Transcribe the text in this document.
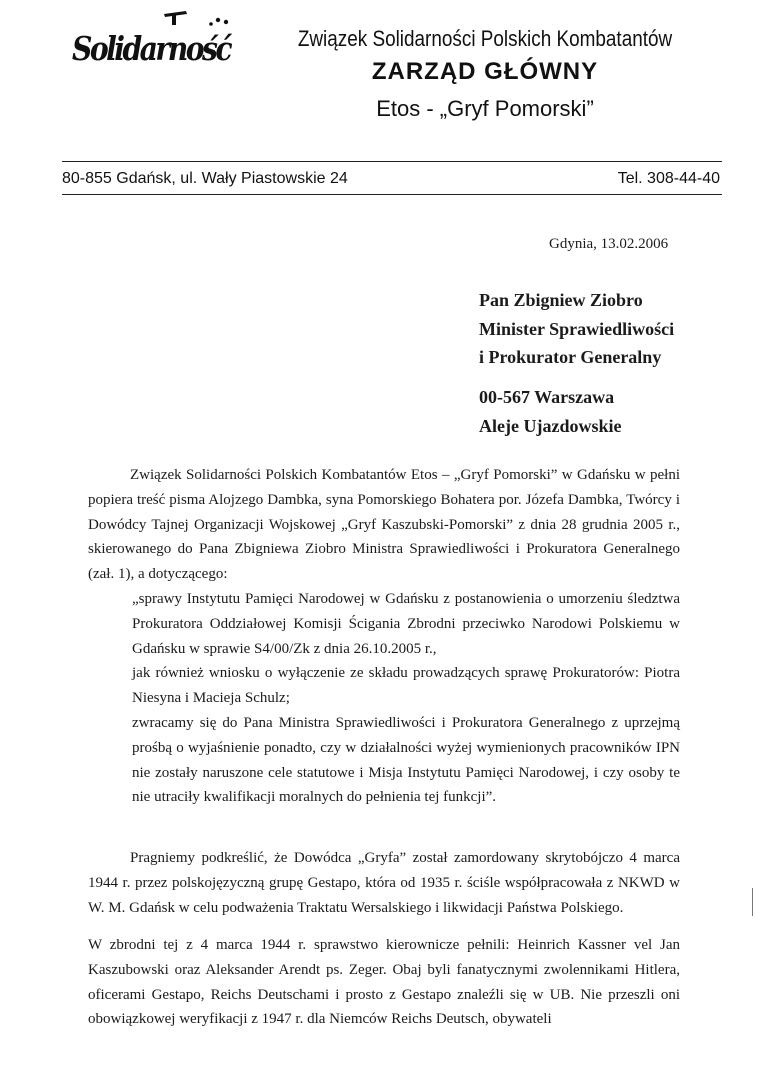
Solidarność	Związek Solidarności Polskich Kombatantów
ZARZĄD GŁÓWNY
Etos - „Gryf Pomorski”
80-855 Gdańsk, ul. Wały Piastowskie 24	Tel. 308-44-40
Gdynia, 13.02.2006
Pan Zbigniew Ziobro
Minister Sprawiedliwości
i Prokurator Generalny
00-567 Warszawa
Aleje Ujazdowskie

Związek Solidarności Polskich Kombatantów Etos – „Gryf Pomorski” w Gdańsku w pełni popiera treść pisma Alojzego Dambka, syna Pomorskiego Bohatera por. Józefa Dambka, Twórcy i Dowódcy Tajnej Organizacji Wojskowej „Gryf Kaszubski-Pomorski” z dnia 28 grudnia 2005 r., skierowanego do Pana Zbigniewa Ziobro Ministra Sprawiedliwości i Prokuratora Generalnego (zał. 1), a dotyczącego:

„sprawy Instytutu Pamięci Narodowej w Gdańsku z postanowienia o umorzeniu śledztwa Prokuratora Oddziałowej Komisji Ścigania Zbrodni przeciwko Narodowi Polskiemu w Gdańsku w sprawie S4/00/Zk z dnia 26.10.2005 r.,

jak również wniosku o wyłączenie ze składu prowadzących sprawę Prokuratorów: Piotra Niesyna i Macieja Schulz;

zwracamy się do Pana Ministra Sprawiedliwości i Prokuratora Generalnego z uprzejmą prośbą o wyjaśnienie ponadto, czy w działalności wyżej wymienionych pracowników IPN nie zostały naruszone cele statutowe i Misja Instytutu Pamięci Narodowej, i czy osoby te nie utraciły kwalifikacji moralnych do pełnienia tej funkcji”.

Pragniemy podkreślić, że Dowódca „Gryfa” został zamordowany skrytobójczo 4 marca 1944 r. przez polskojęzyczną grupę Gestapo, która od 1935 r. ściśle współpracowała z NKWD w W. M. Gdańsk w celu podważenia Traktatu Wersalskiego i likwidacji Państwa Polskiego.

W zbrodni tej z 4 marca 1944 r. sprawstwo kierownicze pełnili: Heinrich Kassner vel Jan Kaszubowski oraz Aleksander Arendt ps. Zeger. Obaj byli fanatycznymi zwolennikami Hitlera, oficerami Gestapo, Reichs Deutschami i prosto z Gestapo znaleźli się w UB. Nie przeszli oni obowiązkowej weryfikacji z 1947 r. dla Niemców Reichs Deutsch, obywateli
